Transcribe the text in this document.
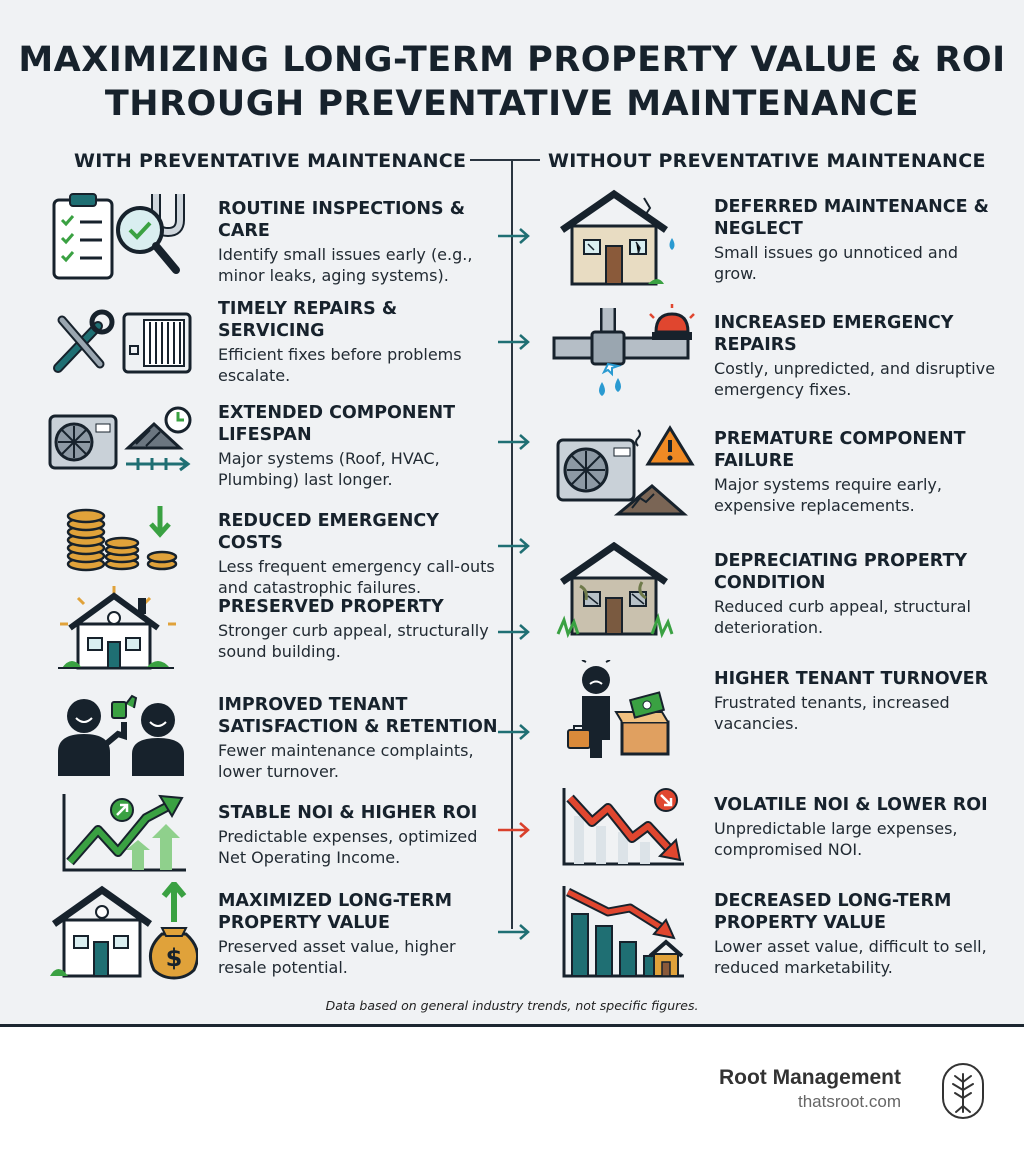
MAXIMIZING LONG-TERM PROPERTY VALUE & ROI
THROUGH PREVENTATIVE MAINTENANCE
WITH PREVENTATIVE MAINTENANCE	WITHOUT PREVENTATIVE MAINTENANCE
ROUTINE INSPECTIONS & CARE
Identify small issues early (e.g., minor leaks, aging systems).
TIMELY REPAIRS & SERVICING
Efficient fixes before problems escalate.
EXTENDED COMPONENT LIFESPAN
Major systems (Roof, HVAC, Plumbing) last longer.
REDUCED EMERGENCY COSTS
Less frequent emergency call-outs and catastrophic failures.
PRESERVED PROPERTY
Stronger curb appeal, structurally sound building.
IMPROVED TENANT SATISFACTION & RETENTION
Fewer maintenance complaints, lower turnover.
STABLE NOI & HIGHER ROI
Predictable expenses, optimized Net Operating Income.
$
MAXIMIZED LONG-TERM PROPERTY VALUE
Preserved asset value, higher resale potential.
DEFERRED MAINTENANCE & NEGLECT
Small issues go unnoticed and grow.
INCREASED EMERGENCY REPAIRS
Costly, unpredicted, and disruptive emergency fixes.
PREMATURE COMPONENT FAILURE
Major systems require early, expensive replacements.
DEPRECIATING PROPERTY CONDITION
Reduced curb appeal, structural deterioration.
HIGHER TENANT TURNOVER
Frustrated tenants, increased vacancies.
VOLATILE NOI & LOWER ROI
Unpredictable large expenses, compromised NOI.
DECREASED LONG-TERM PROPERTY VALUE
Lower asset value, difficult to sell, reduced marketability.
Data based on general industry trends, not specific figures.
Root Management
thatsroot.com
